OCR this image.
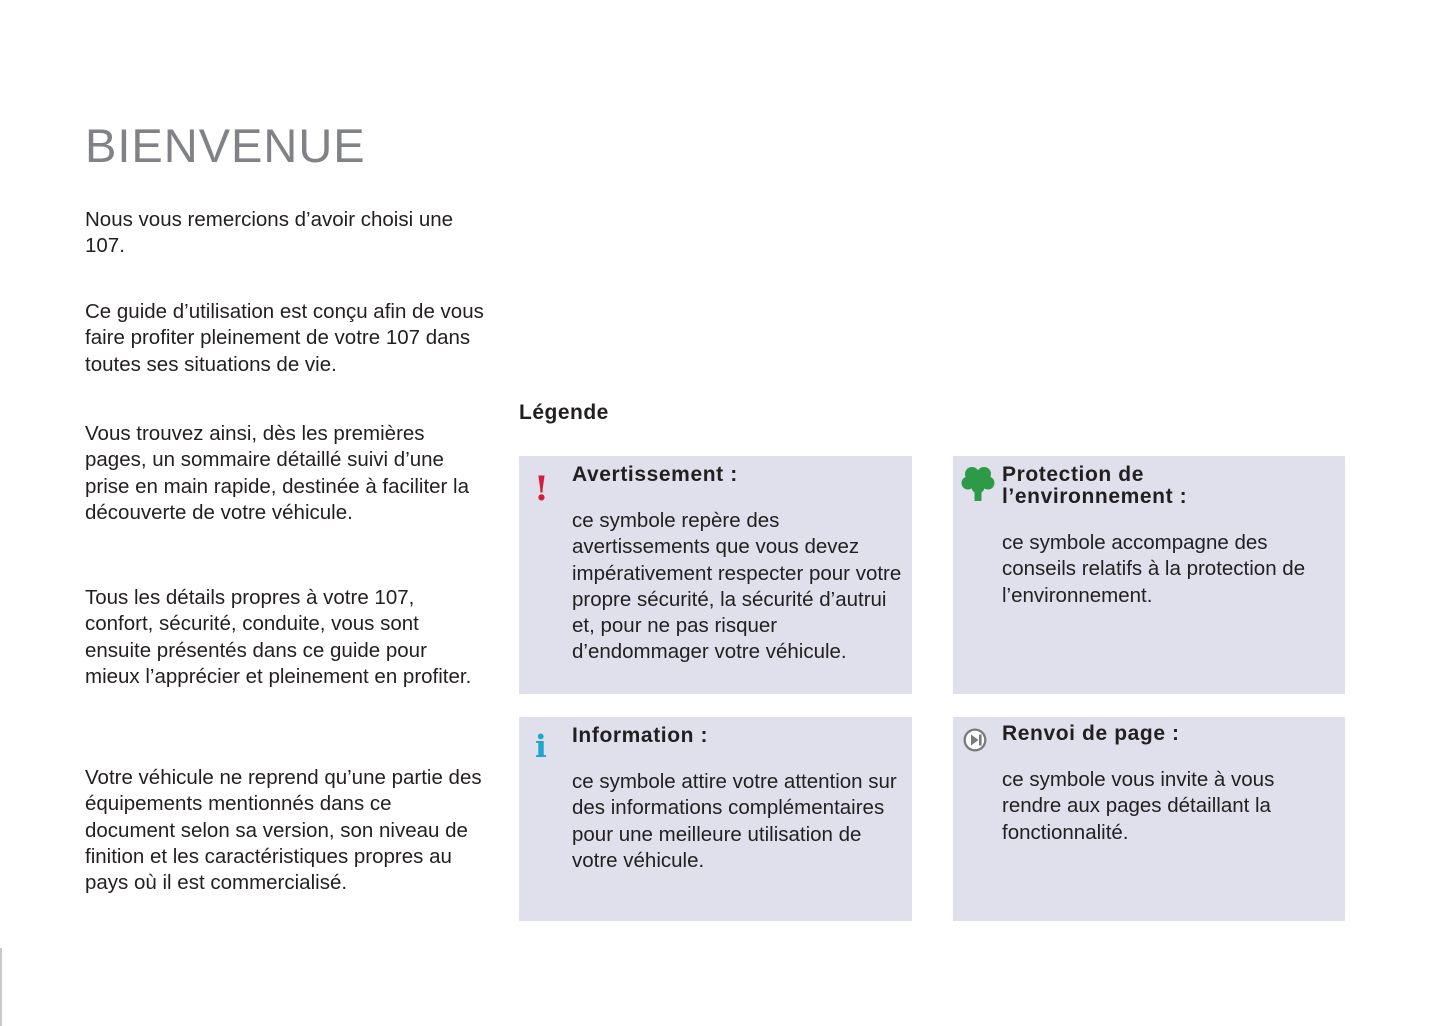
BIENVENUE

Nous vous remercions d’avoir choisi une 107.

Ce guide d’utilisation est conçu afin de vous faire profiter pleinement de votre 107 dans toutes ses situations de vie.

Vous trouvez ainsi, dès les premières pages, un sommaire détaillé suivi d’une prise en main rapide, destinée à faciliter la découverte de votre véhicule.

Tous les détails propres à votre 107, confort, sécurité, conduite, vous sont ensuite présentés dans ce guide pour mieux l’apprécier et pleinement en profiter.

Votre véhicule ne reprend qu’une partie des équipements mentionnés dans ce document selon sa version, son niveau de finition et les caractéristiques propres au pays où il est commercialisé.

Légende
! Avertissement :

ce symbole repère des avertissements que vous devez impérativement respecter pour votre propre sécurité, la sécurité d’autrui et, pour ne pas risquer d’endommager votre véhicule.

Protection de
l’environnement :

ce symbole accompagne des conseils relatifs à la protection de l’environnement.

i Information :

ce symbole attire votre attention sur des informations complémentaires pour une meilleure utilisation de votre véhicule.

Renvoi de page :

ce symbole vous invite à vous rendre aux pages détaillant la fonctionnalité.
